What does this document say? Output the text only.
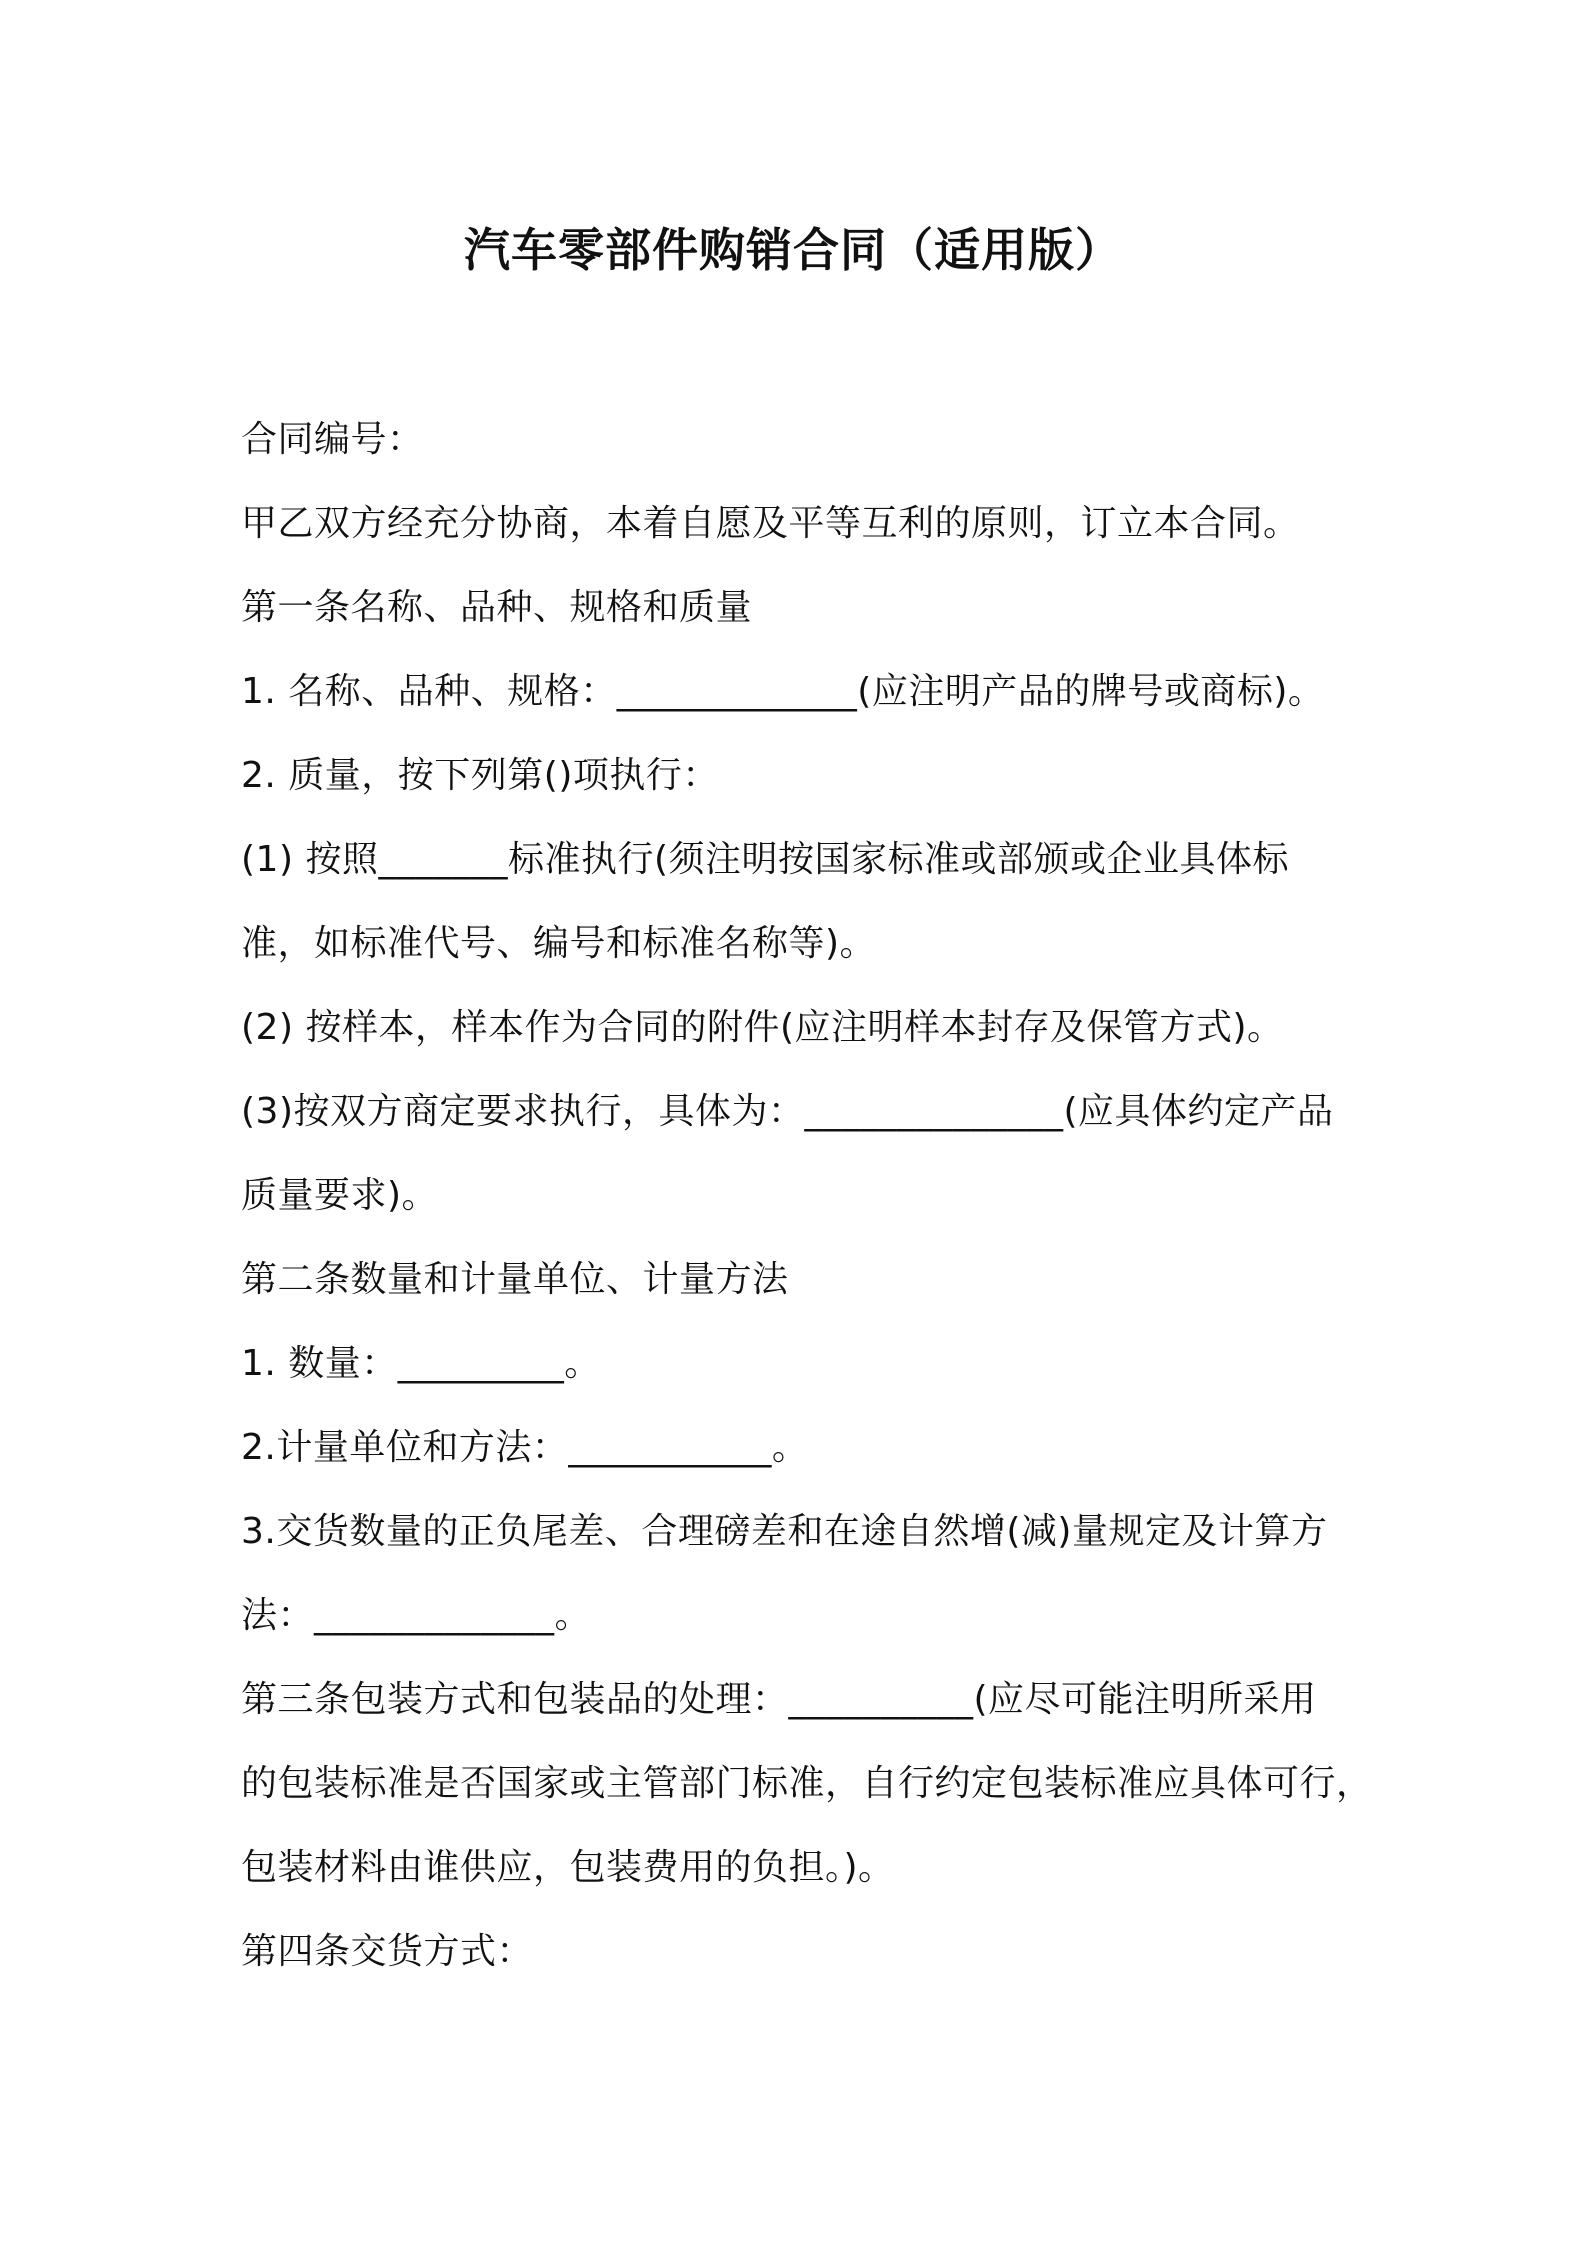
汽车零部件购销合同（适用版）

合同编号：

甲乙双方经充分协商，本着自愿及平等互利的原则，订立本合同。

第一条名称、品种、规格和质量

1. 名称、品种、规格：_____________(应注明产品的牌号或商标)。

2. 质量，按下列第()项执行：

(1) 按照_______标准执行(须注明按国家标准或部颁或企业具体标

准，如标准代号、编号和标准名称等)。

(2) 按样本，样本作为合同的附件(应注明样本封存及保管方式)。

(3)按双方商定要求执行，具体为：______________(应具体约定产品

质量要求)。

第二条数量和计量单位、计量方法

1. 数量：_________。

2.计量单位和方法：___________。

3.交货数量的正负尾差、合理磅差和在途自然增(减)量规定及计算方

法：_____________。

第三条包装方式和包装品的处理：__________(应尽可能注明所采用

的包装标准是否国家或主管部门标准，自行约定包装标准应具体可行，

包装材料由谁供应，包装费用的负担。)。

第四条交货方式：
